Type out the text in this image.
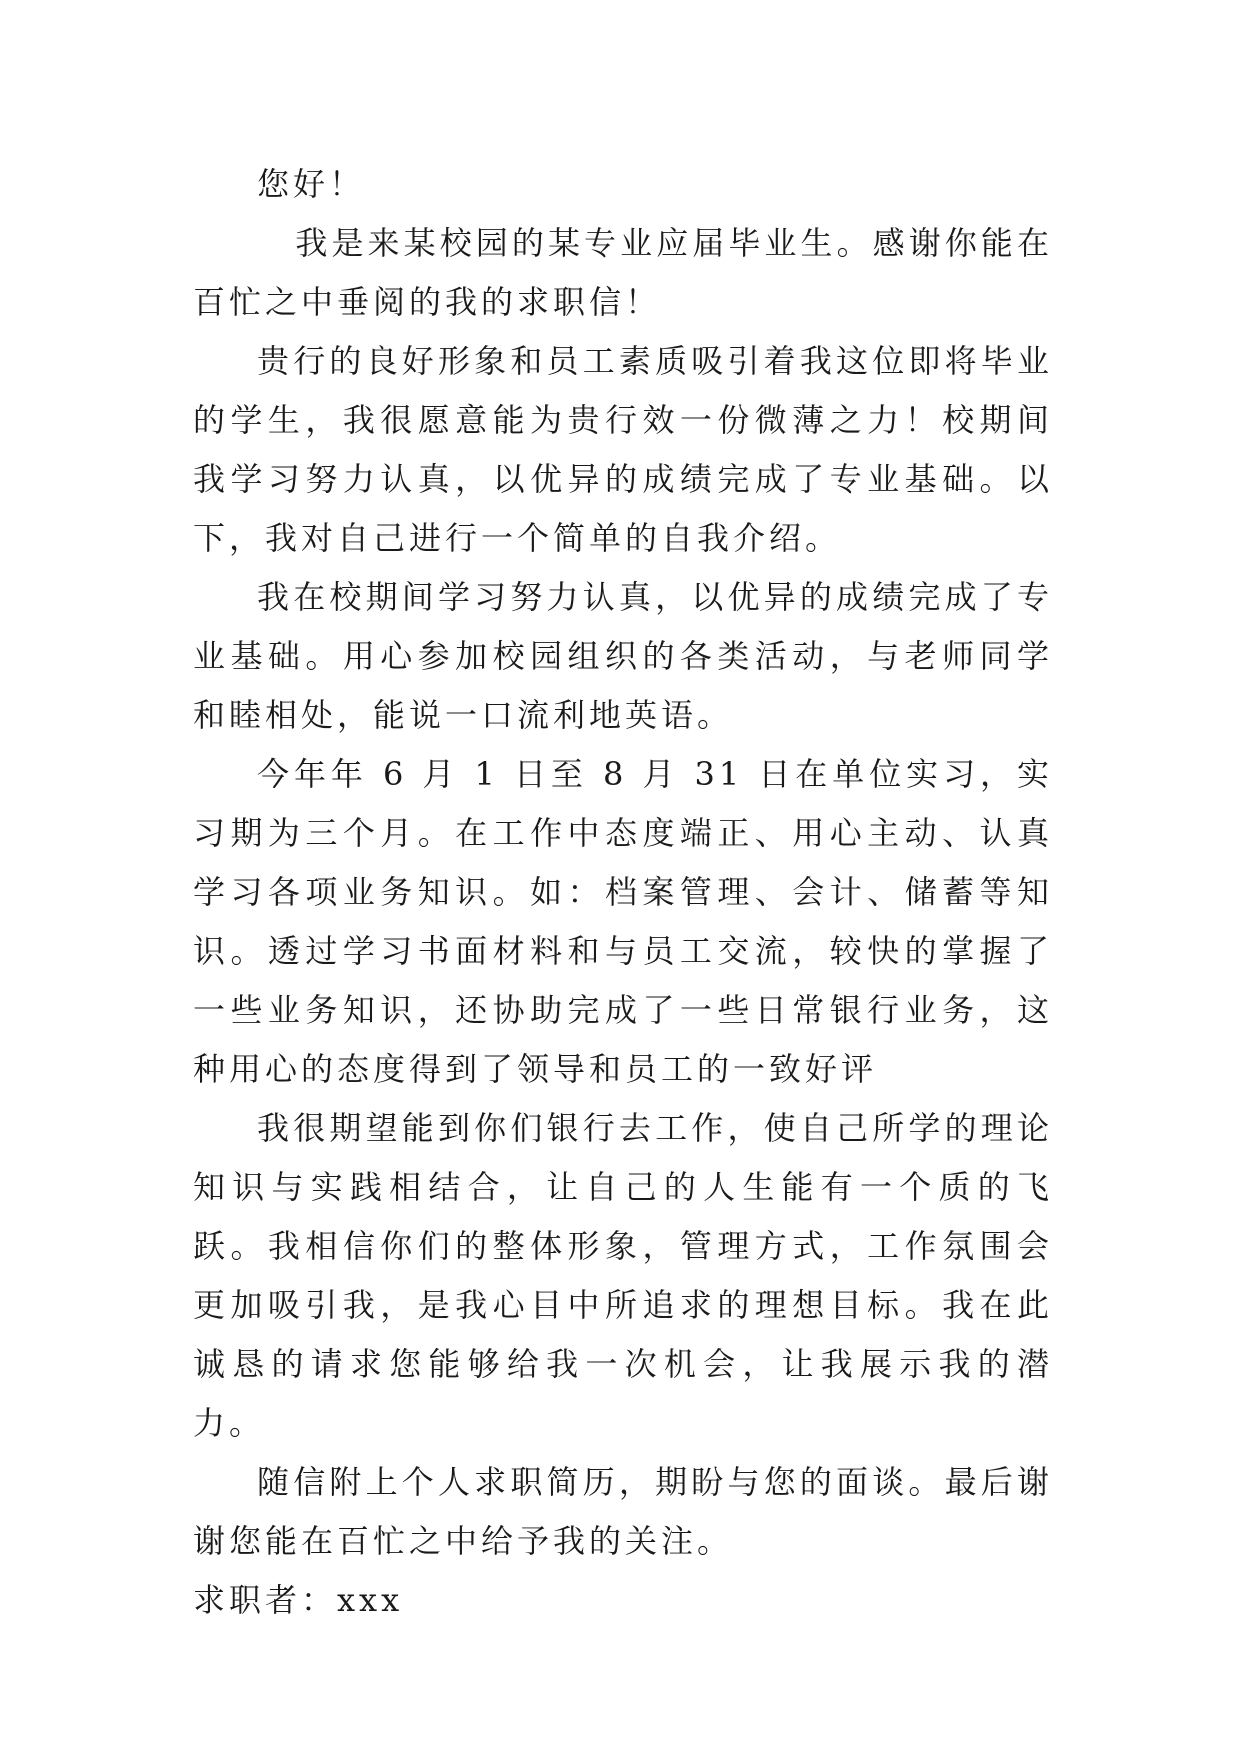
您好！

我是来某校园的某专业应届毕业生。感谢你能在百忙之中垂阅的我的求职信！

贵行的良好形象和员工素质吸引着我这位即将毕业的学生，我很愿意能为贵行效一份微薄之力！校期间我学习努力认真，以优异的成绩完成了专业基础。以下，我对自己进行一个简单的自我介绍。

我在校期间学习努力认真，以优异的成绩完成了专业基础。用心参加校园组织的各类活动，与老师同学和睦相处，能说一口流利地英语。

今年年 6 月 1 日至 8 月 31 日在单位实习，实习期为三个月。在工作中态度端正、用心主动、认真学习各项业务知识。如：档案管理、会计、储蓄等知识。透过学习书面材料和与员工交流，较快的掌握了一些业务知识，还协助完成了一些日常银行业务，这种用心的态度得到了领导和员工的一致好评

我很期望能到你们银行去工作，使自己所学的理论知识与实践相结合，让自己的人生能有一个质的飞跃。我相信你们的整体形象，管理方式，工作氛围会更加吸引我，是我心目中所追求的理想目标。我在此诚恳的请求您能够给我一次机会，让我展示我的潜力。

随信附上个人求职简历，期盼与您的面谈。最后谢谢您能在百忙之中给予我的关注。

求职者：xxx
